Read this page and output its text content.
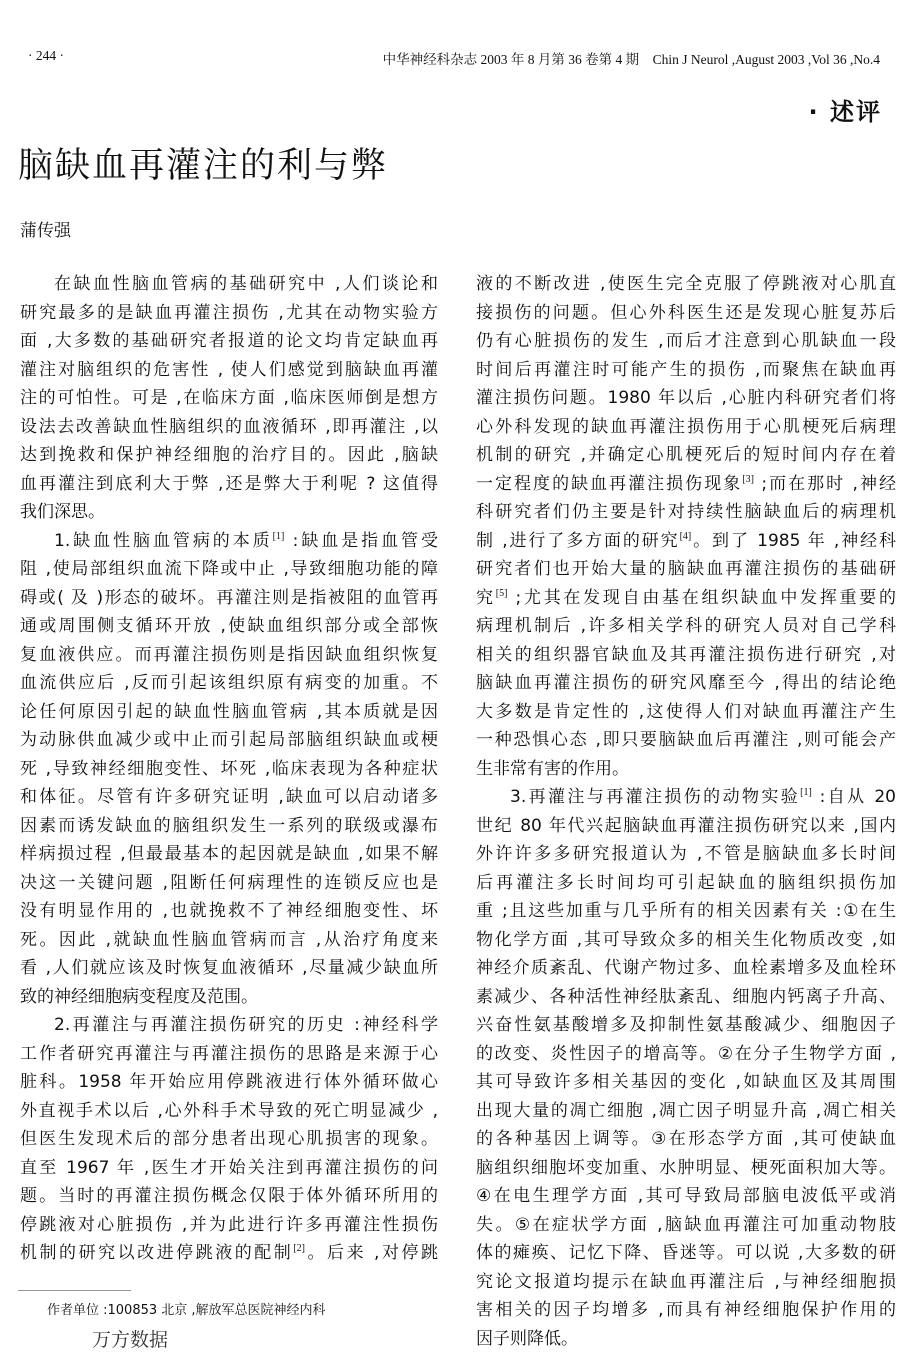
· 244 ·	中华神经科杂志 2003 年 8 月第 36 卷第 4 期　Chin J Neurol ,August 2003 ,Vol 36 ,No.4
· 述评
脑缺血再灌注的利与弊
蒲传强
在缺血性脑血管病的基础研究中 ,人们谈论和
研究最多的是缺血再灌注损伤 ,尤其在动物实验方
面 ,大多数的基础研究者报道的论文均肯定缺血再
灌注对脑组织的危害性 , 使人们感觉到脑缺血再灌
注的可怕性。可是 ,在临床方面 ,临床医师倒是想方
设法去改善缺血性脑组织的血液循环 ,即再灌注 ,以
达到挽救和保护神经细胞的治疗目的。因此 ,脑缺
血再灌注到底利大于弊 ,还是弊大于利呢 ? 这值得
我们深思。
1.缺血性脑血管病的本质[1] :缺血是指血管受
阻 ,使局部组织血流下降或中止 ,导致细胞功能的障
碍或( 及 )形态的破坏。再灌注则是指被阻的血管再
通或周围侧支循环开放 ,使缺血组织部分或全部恢
复血液供应。而再灌注损伤则是指因缺血组织恢复
血流供应后 ,反而引起该组织原有病变的加重。不
论任何原因引起的缺血性脑血管病 ,其本质就是因
为动脉供血减少或中止而引起局部脑组织缺血或梗
死 ,导致神经细胞变性、坏死 ,临床表现为各种症状
和体征。尽管有许多研究证明 ,缺血可以启动诸多
因素而诱发缺血的脑组织发生一系列的联级或瀑布
样病损过程 ,但最最基本的起因就是缺血 ,如果不解
决这一关键问题 ,阻断任何病理性的连锁反应也是
没有明显作用的 ,也就挽救不了神经细胞变性、坏
死。因此 ,就缺血性脑血管病而言 ,从治疗角度来
看 ,人们就应该及时恢复血液循环 ,尽量减少缺血所
致的神经细胞病变程度及范围。
2.再灌注与再灌注损伤研究的历史 :神经科学
工作者研究再灌注与再灌注损伤的思路是来源于心
脏科。1958 年开始应用停跳液进行体外循环做心
外直视手术以后 ,心外科手术导致的死亡明显减少 ,
但医生发现术后的部分患者出现心肌损害的现象。
直至 1967 年 ,医生才开始关注到再灌注损伤的问
题。当时的再灌注损伤概念仅限于体外循环所用的
停跳液对心脏损伤 ,并为此进行许多再灌注性损伤
机制的研究以改进停跳液的配制[2]。后来 ,对停跳
液的不断改进 ,使医生完全克服了停跳液对心肌直
接损伤的问题。但心外科医生还是发现心脏复苏后
仍有心脏损伤的发生 ,而后才注意到心肌缺血一段
时间后再灌注时可能产生的损伤 ,而聚焦在缺血再
灌注损伤问题。1980 年以后 ,心脏内科研究者们将
心外科发现的缺血再灌注损伤用于心肌梗死后病理
机制的研究 ,并确定心肌梗死后的短时间内存在着
一定程度的缺血再灌注损伤现象[3] ;而在那时 ,神经
科研究者们仍主要是针对持续性脑缺血后的病理机
制 ,进行了多方面的研究[4]。到了 1985 年 ,神经科
研究者们也开始大量的脑缺血再灌注损伤的基础研
究[5] ;尤其在发现自由基在组织缺血中发挥重要的
病理机制后 ,许多相关学科的研究人员对自己学科
相关的组织器官缺血及其再灌注损伤进行研究 ,对
脑缺血再灌注损伤的研究风靡至今 ,得出的结论绝
大多数是肯定性的 ,这使得人们对缺血再灌注产生
一种恐惧心态 ,即只要脑缺血后再灌注 ,则可能会产
生非常有害的作用。
3.再灌注与再灌注损伤的动物实验[1] :自从 20
世纪 80 年代兴起脑缺血再灌注损伤研究以来 ,国内
外许许多多研究报道认为 ,不管是脑缺血多长时间
后再灌注多长时间均可引起缺血的脑组织损伤加
重 ;且这些加重与几乎所有的相关因素有关 :①在生
物化学方面 ,其可导致众多的相关生化物质改变 ,如
神经介质紊乱、代谢产物过多、血栓素增多及血栓环
素减少、各种活性神经肽紊乱、细胞内钙离子升高、
兴奋性氨基酸增多及抑制性氨基酸减少、细胞因子
的改变、炎性因子的增高等。②在分子生物学方面 ,
其可导致许多相关基因的变化 ,如缺血区及其周围
出现大量的凋亡细胞 ,凋亡因子明显升高 ,凋亡相关
的各种基因上调等。③在形态学方面 ,其可使缺血
脑组织细胞坏变加重、水肿明显、梗死面积加大等。
④在电生理学方面 ,其可导致局部脑电波低平或消
失。⑤在症状学方面 ,脑缺血再灌注可加重动物肢
体的瘫痪、记忆下降、昏迷等。可以说 ,大多数的研
究论文报道均提示在缺血再灌注后 ,与神经细胞损
害相关的因子均增多 ,而具有神经细胞保护作用的
因子则降低。
作者单位 :100853 北京 ,解放军总医院神经内科
万方数据
